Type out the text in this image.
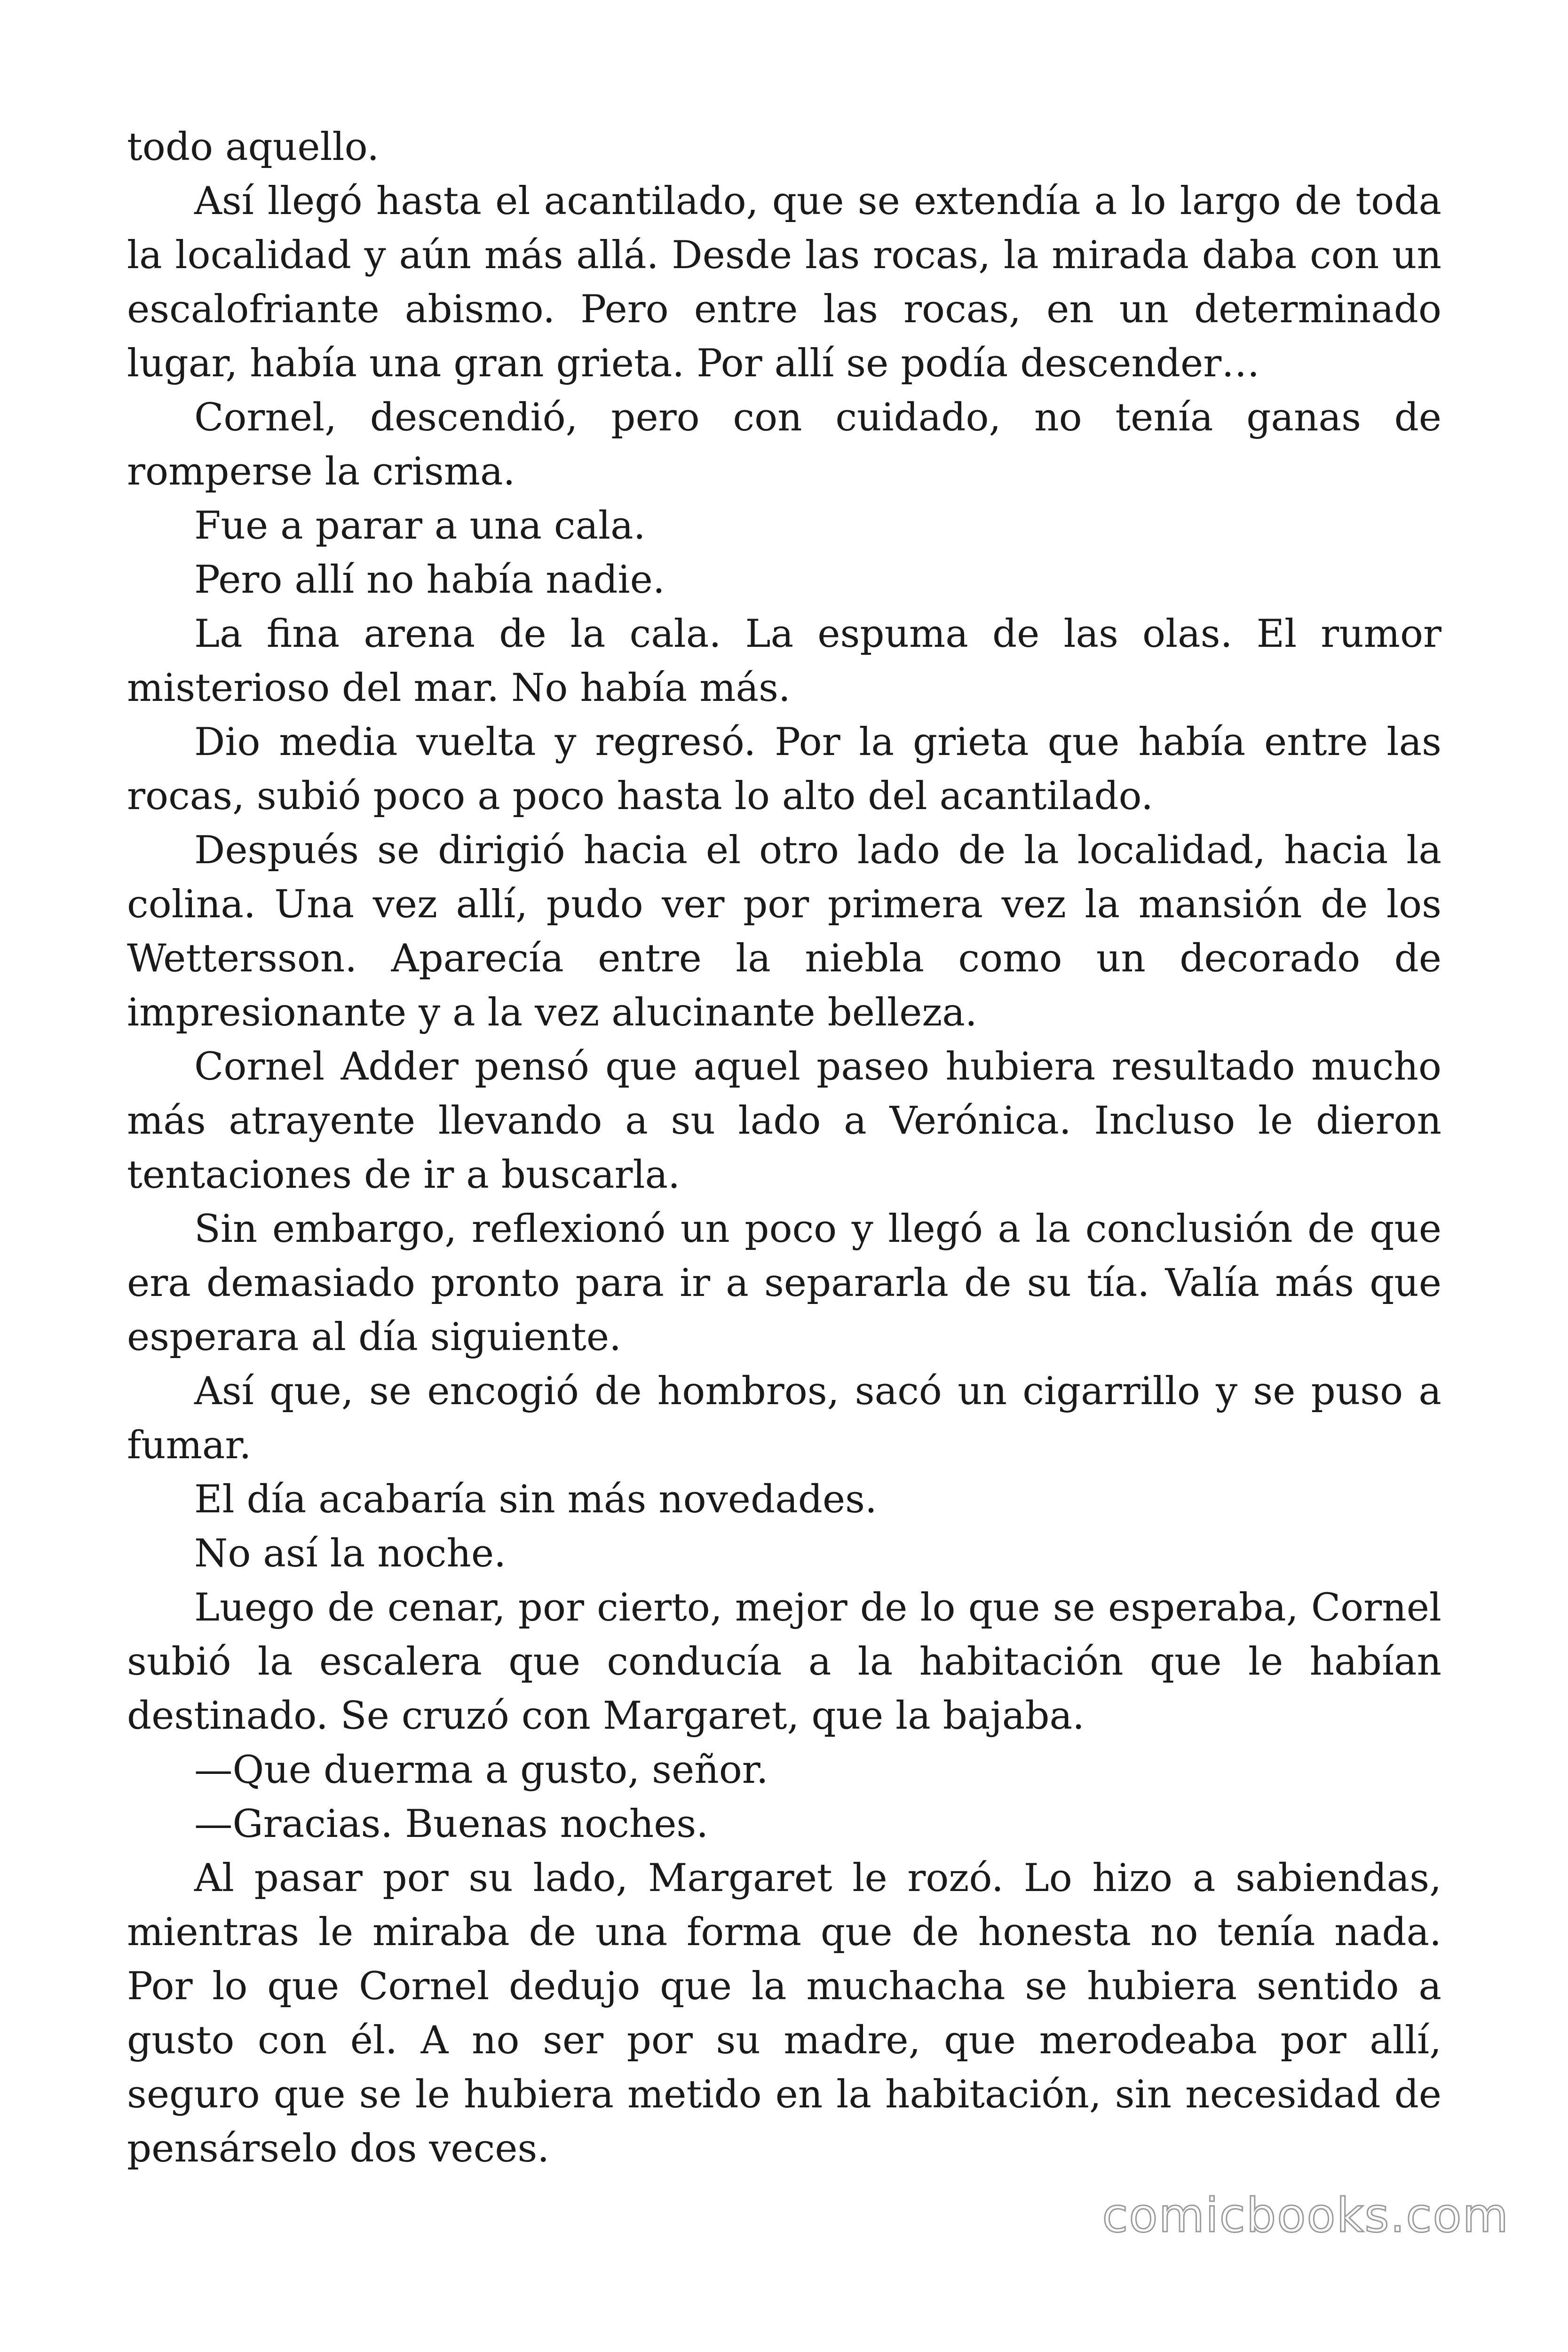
todo aquello.

Así llegó hasta el acantilado, que se extendía a lo largo de toda la localidad y aún más allá. Desde las rocas, la mirada daba con un escalofriante abismo. Pero entre las rocas, en un determinado lugar, había una gran grieta. Por allí se podía descender…

Cornel, descendió, pero con cuidado, no tenía ganas de romperse la crisma.

Fue a parar a una cala.

Pero allí no había nadie.

La fina arena de la cala. La espuma de las olas. El rumor misterioso del mar. No había más.

Dio media vuelta y regresó. Por la grieta que había entre las rocas, subió poco a poco hasta lo alto del acantilado.

Después se dirigió hacia el otro lado de la localidad, hacia la colina. Una vez allí, pudo ver por primera vez la mansión de los Wettersson. Aparecía entre la niebla como un decorado de impresionante y a la vez alucinante belleza.

Cornel Adder pensó que aquel paseo hubiera resultado mucho más atrayente llevando a su lado a Verónica. Incluso le dieron tentaciones de ir a buscarla.

Sin embargo, reflexionó un poco y llegó a la conclusión de que era demasiado pronto para ir a separarla de su tía. Valía más que esperara al día siguiente.

Así que, se encogió de hombros, sacó un cigarrillo y se puso a fumar.

El día acabaría sin más novedades.

No así la noche.

Luego de cenar, por cierto, mejor de lo que se esperaba, Cornel subió la escalera que conducía a la habitación que le habían destinado. Se cruzó con Margaret, que la bajaba.

—Que duerma a gusto, señor.

—Gracias. Buenas noches.

Al pasar por su lado, Margaret le rozó. Lo hizo a sabiendas, mientras le miraba de una forma que de honesta no tenía nada. Por lo que Cornel dedujo que la muchacha se hubiera sentido a gusto con él. A no ser por su madre, que merodeaba por allí, seguro que se le hubiera metido en la habitación, sin necesidad de pensárselo dos veces.

comicbooks.com
